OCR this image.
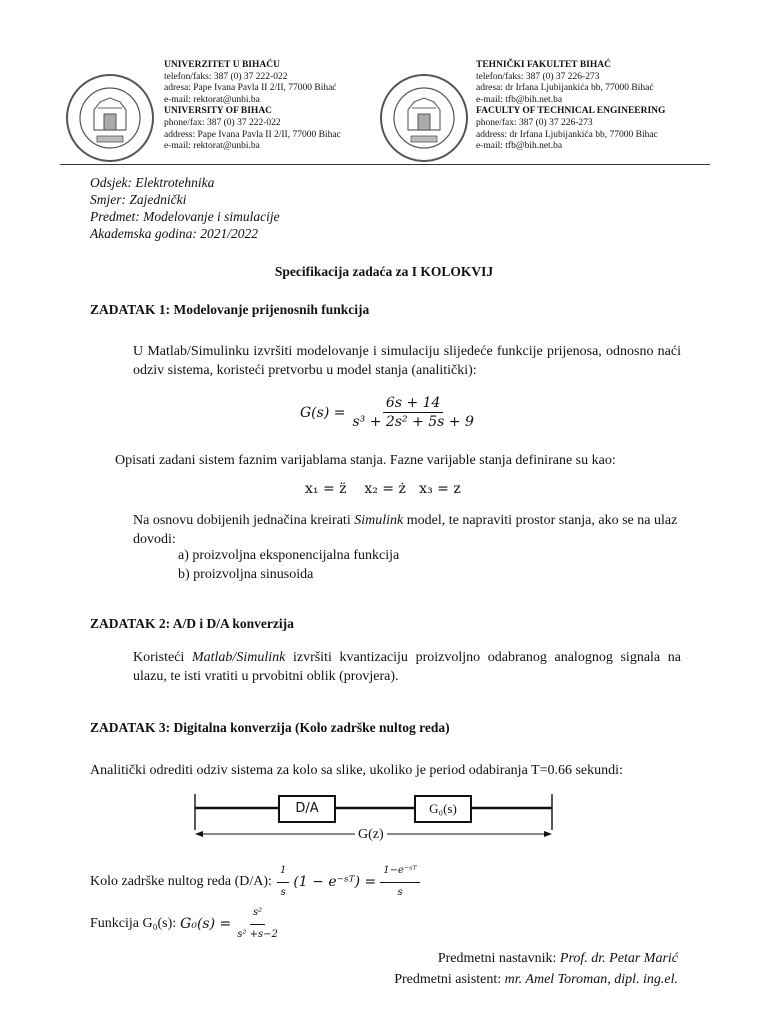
UNIVERZITET U BIHAĆU
telefon/faks: 387 (0) 37 222-022
adresa: Pape Ivana Pavla II 2/II, 77000 Bihać
e-mail: rektorat@unbi.ba
UNIVERSITY OF BIHAC
phone/fax: 387 (0) 37 222-022
address: Pape Ivana Pavla II 2/II, 77000 Bihac
e-mail: rektorat@unbi.ba
TEHNIČKI FAKULTET BIHAĆ
telefon/faks: 387 (0) 37 226-273
adresa: dr Irfana Ljubijankića bb, 77000 Bihać
e-mail: tfb@bih.net.ba
FACULTY OF TECHNICAL ENGINEERING
phone/fax: 387 (0) 37 226-273
address: dr Irfana Ljubijankića bb, 77000 Bihac
e-mail: tfb@bih.net.ba
Odsjek: Elektrotehnika
Smjer: Zajednički
Predmet: Modelovanje i simulacije
Akademska godina: 2021/2022
Specifikacija zadaća za I KOLOKVIJ
ZADATAK 1: Modelovanje prijenosnih funkcija
U Matlab/Simulinku izvršiti modelovanje i simulaciju slijedeće funkcije prijenosa, odnosno naći odziv sistema, koristeći pretvorbu u model stanja (analitički):
$G(s) = \frac{6s + 14}{\text{s³ + 2s² + 5s + 9}}$
Opisati zadani sistem faznim varijablama stanja. Fazne varijable stanja definirane su kao:
x₁ = z̈    x₂ = ż   x₃ = z
Na osnovu dobijenih jednačina kreirati Simulink model, te napraviti prostor stanja, ako se na ulaz dovodi:
a) proizvoljna eksponencijalna funkcija
b) proizvoljna sinusoida
ZADATAK 2: A/D i D/A konverzija
Koristeći Matlab/Simulink izvršiti kvantizaciju proizvoljno odabranog analognog signala na ulazu, te isti vratiti u prvobitni oblik (provjera).
ZADATAK 3: Digitalna konverzija (Kolo zadrške nultog reda)
Analitički odrediti odziv sistema za kolo sa slike, ukoliko je period odabiranja T=0.66 sekundi:
D/A	G₀(s)
G(z)
Kolo zadrške nultog reda (D/A): $\frac{1}{s} (1$ − e⁻ˢᵀ) = $\frac{\text{1−e⁻ˢᵀ}}{s}$
Funkcija G₀(s): $G_0(s) = \frac{\text{s²}}{\text{s² +s−2}}$
Predmetni nastavnik: Prof. dr. Petar Marić
Predmetni asistent: mr. Amel Toroman, dipl. ing.el.
